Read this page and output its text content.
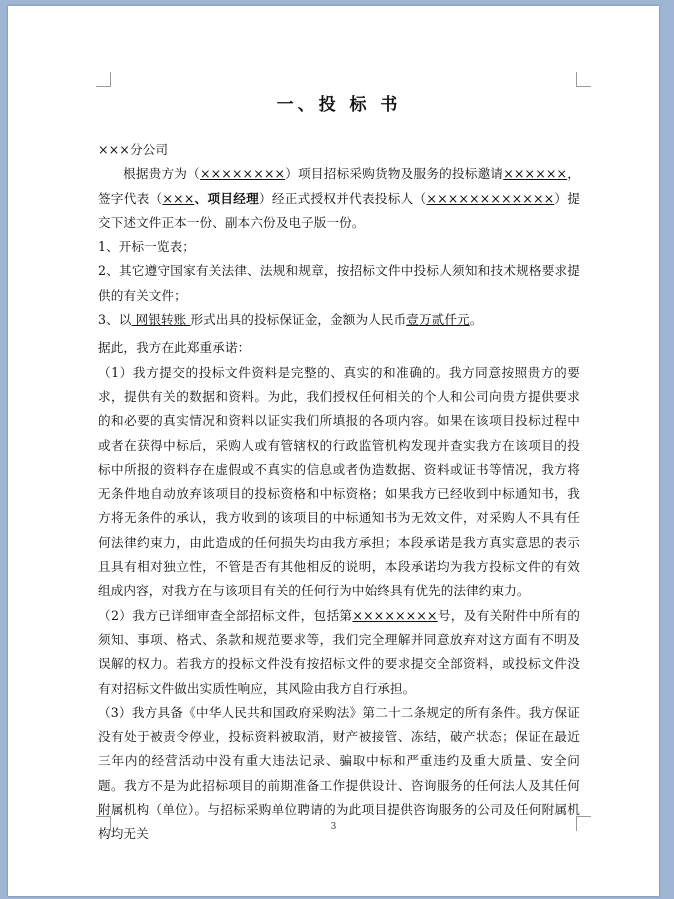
一、投 标 书

×××分公司

根据贵方为（××××××××）项目招标采购货物及服务的投标邀请××××××，签字代表（×××、项目经理）经正式授权并代表投标人（××××××××××××）提交下述文件正本一份、副本六份及电子版一份。

1、开标一览表；

2、其它遵守国家有关法律、法规和规章，按招标文件中投标人须知和技术规格要求提供的有关文件；

3、以 网银转账 形式出具的投标保证金，金额为人民币壹万贰仟元。

据此，我方在此郑重承诺：

（1）我方提交的投标文件资料是完整的、真实的和准确的。我方同意按照贵方的要求，提供有关的数据和资料。为此，我们授权任何相关的个人和公司向贵方提供要求的和必要的真实情况和资料以证实我们所填报的各项内容。如果在该项目投标过程中或者在获得中标后，采购人或有管辖权的行政监管机构发现并查实我方在该项目的投标中所报的资料存在虚假或不真实的信息或者伪造数据、资料或证书等情况，我方将无条件地自动放弃该项目的投标资格和中标资格；如果我方已经收到中标通知书，我方将无条件的承认，我方收到的该项目的中标通知书为无效文件，对采购人不具有任何法律约束力，由此造成的任何损失均由我方承担；本段承诺是我方真实意思的表示且具有相对独立性，不管是否有其他相反的说明，本段承诺均为我方投标文件的有效组成内容，对我方在与该项目有关的任何行为中始终具有优先的法律约束力。

（2）我方已详细审查全部招标文件，包括第××××××××号，及有关附件中所有的须知、事项、格式、条款和规范要求等，我们完全理解并同意放弃对这方面有不明及误解的权力。若我方的投标文件没有按招标文件的要求提交全部资料，或投标文件没有对招标文件做出实质性响应，其风险由我方自行承担。

（3）我方具备《中华人民共和国政府采购法》第二十二条规定的所有条件。我方保证没有处于被责令停业，投标资料被取消，财产被接管、冻结，破产状态；保证在最近三年内的经营活动中没有重大违法记录、骗取中标和严重违约及重大质量、安全问题。我方不是为此招标项目的前期准备工作提供设计、咨询服务的任何法人及其任何附属机构（单位）。与招标采购单位聘请的为此项目提供咨询服务的公司及任何附属机构均无关	3
